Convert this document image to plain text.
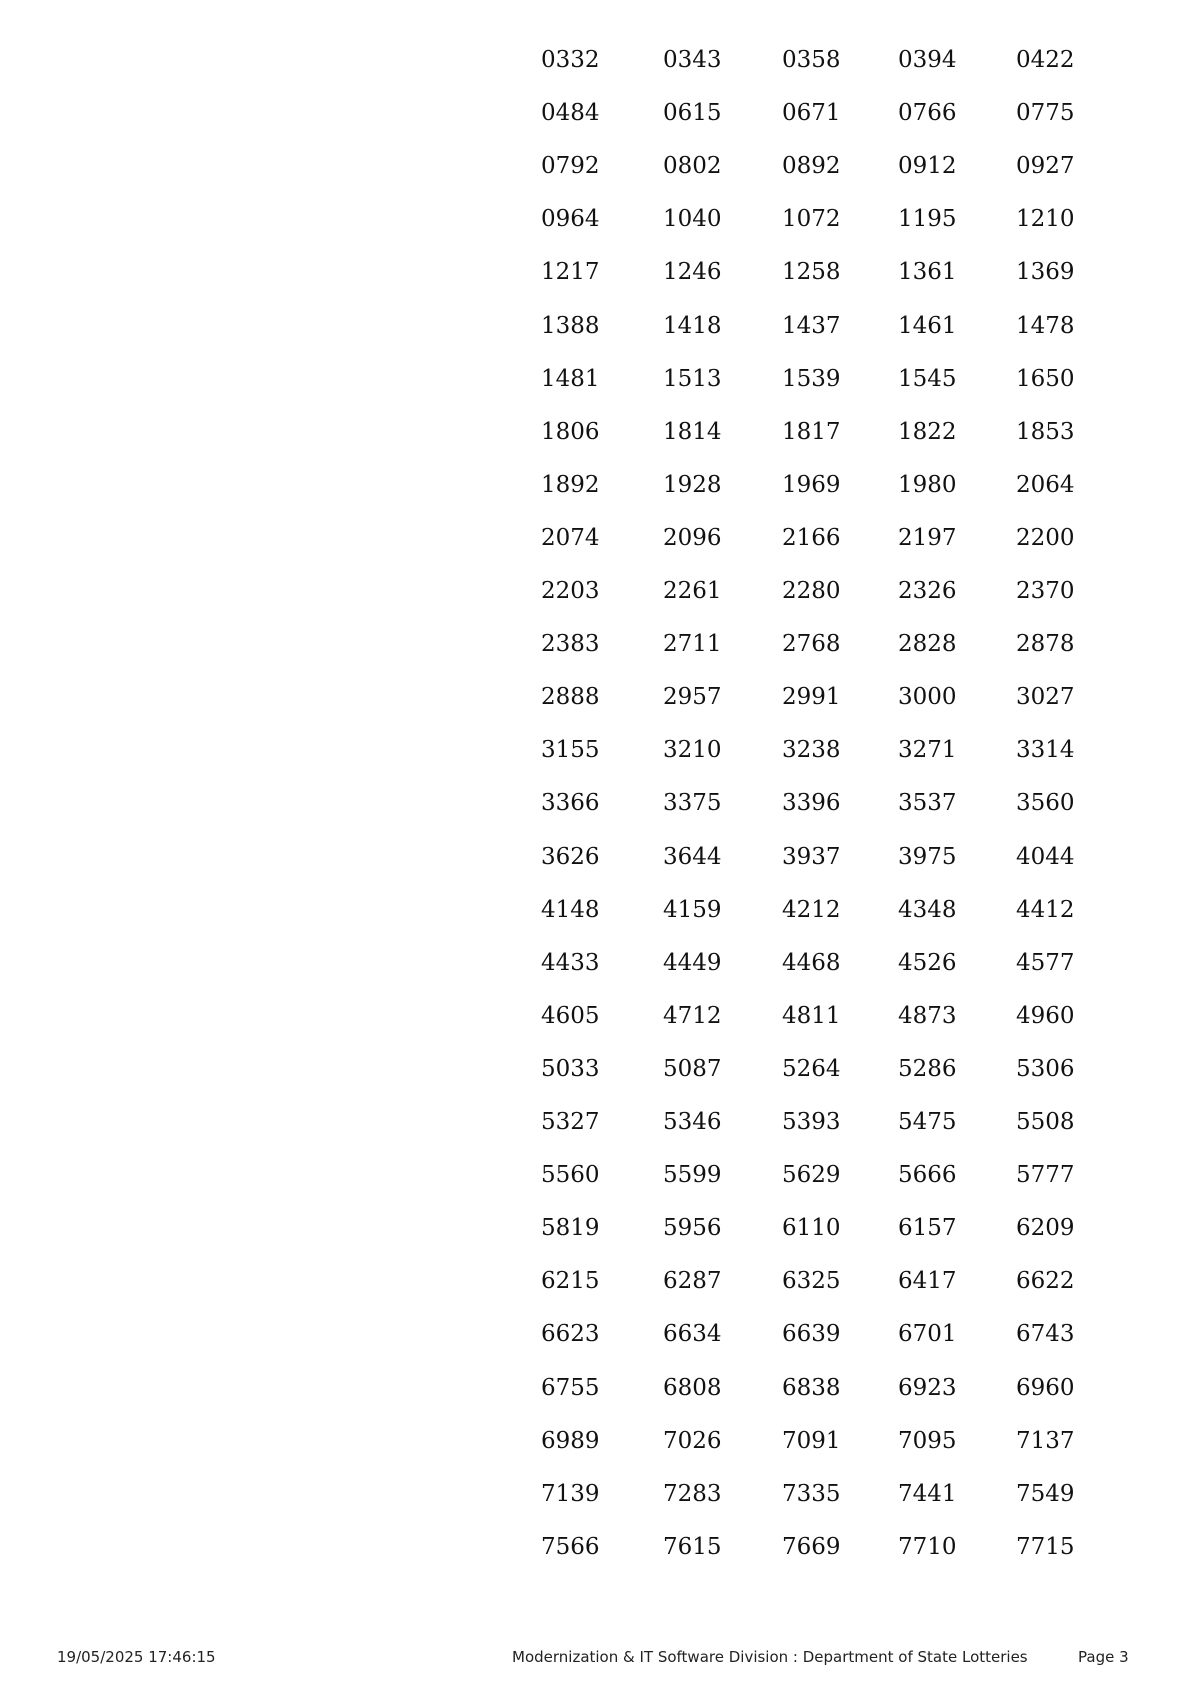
0332	0343	0358 0394	0422
0484	0615	0671 0766	0775
0792	0802	0892 0912	0927
0964	1040	1072 1195	1210
1217	1246	1258 1361	1369
1388	1418	1437 1461	1478
1481	1513	1539 1545	1650
1806	1814	1817 1822	1853
1892	1928	1969 1980	2064
2074	2096	2166 2197	2200
2203	2261	2280 2326	2370
2383	2711	2768 2828	2878
2888	2957	2991 3000	3027
3155	3210	3238 3271	3314
3366	3375	3396 3537	3560
3626	3644	3937 3975	4044
4148	4159	4212 4348	4412
4433	4449	4468 4526	4577
4605	4712	4811 4873	4960
5033	5087	5264 5286	5306
5327	5346	5393 5475	5508
5560	5599	5629 5666	5777
5819	5956	6110 6157	6209
6215	6287	6325 6417	6622
6623	6634	6639 6701	6743
6755	6808	6838 6923	6960
6989	7026	7091 7095	7137
7139	7283	7335 7441	7549
7566	7615	7669 7710	7715
19/05/2025 17:46:15	Modernization & IT Software Division : Department of State Lotteries	Page 3
